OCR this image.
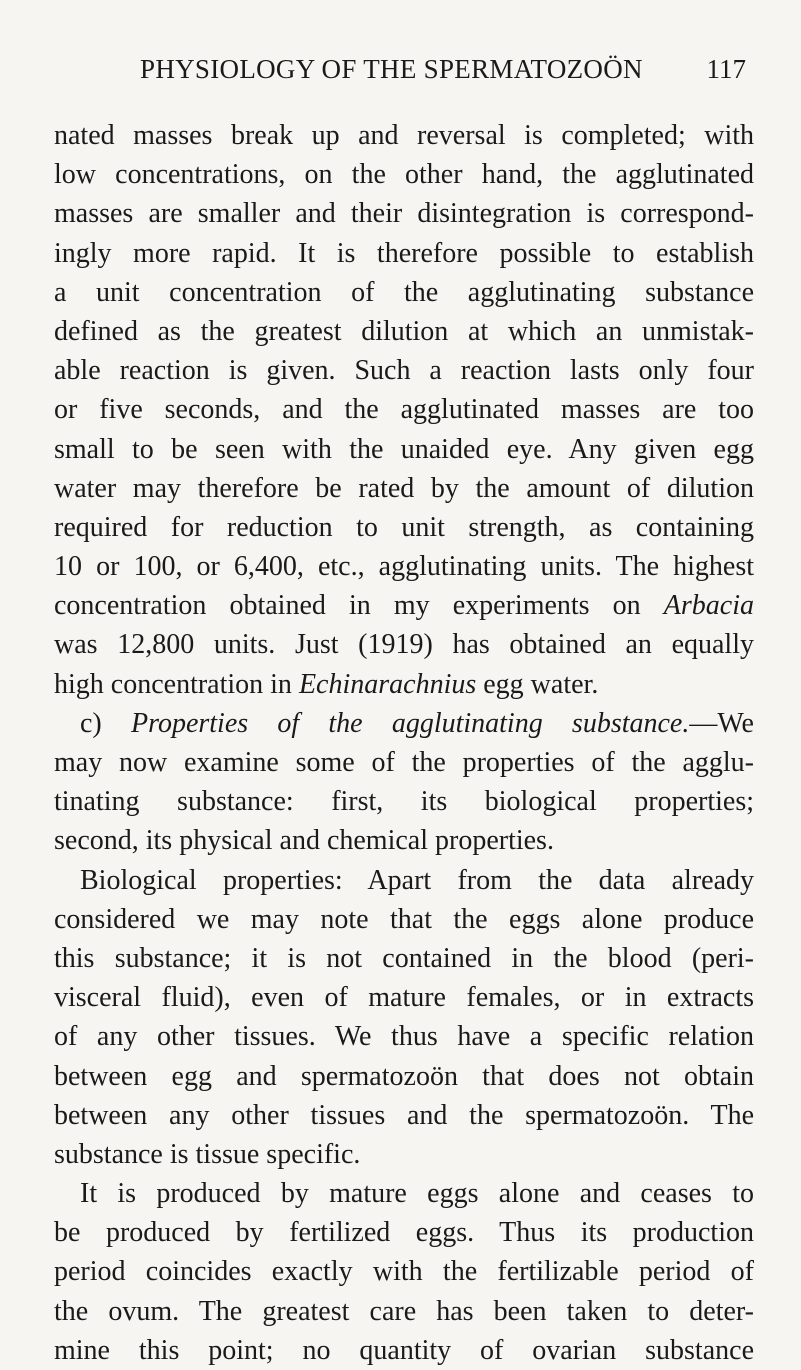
PHYSIOLOGY OF THE SPERMATOZOÖN 117
nated masses break up and reversal is completed; with
low concentrations, on the other hand, the agglutinated
masses are smaller and their disintegration is correspond-
ingly more rapid. It is therefore possible to establish
a unit concentration of the agglutinating substance
defined as the greatest dilution at which an unmistak-
able reaction is given. Such a reaction lasts only four
or five seconds, and the agglutinated masses are too
small to be seen with the unaided eye. Any given egg
water may therefore be rated by the amount of dilution
required for reduction to unit strength, as containing
10 or 100, or 6,400, etc., agglutinating units. The highest
concentration obtained in my experiments on Arbacia
was 12,800 units. Just (1919) has obtained an equally
high concentration in Echinarachnius egg water.
c) Properties of the agglutinating substance.—We
may now examine some of the properties of the agglu-
tinating substance: first, its biological properties;
second, its physical and chemical properties.
Biological properties: Apart from the data already
considered we may note that the eggs alone produce
this substance; it is not contained in the blood (peri-
visceral fluid), even of mature females, or in extracts
of any other tissues. We thus have a specific relation
between egg and spermatozoön that does not obtain
between any other tissues and the spermatozoön. The
substance is tissue specific.
It is produced by mature eggs alone and ceases to
be produced by fertilized eggs. Thus its production
period coincides exactly with the fertilizable period of
the ovum. The greatest care has been taken to deter-
mine this point; no quantity of ovarian substance
